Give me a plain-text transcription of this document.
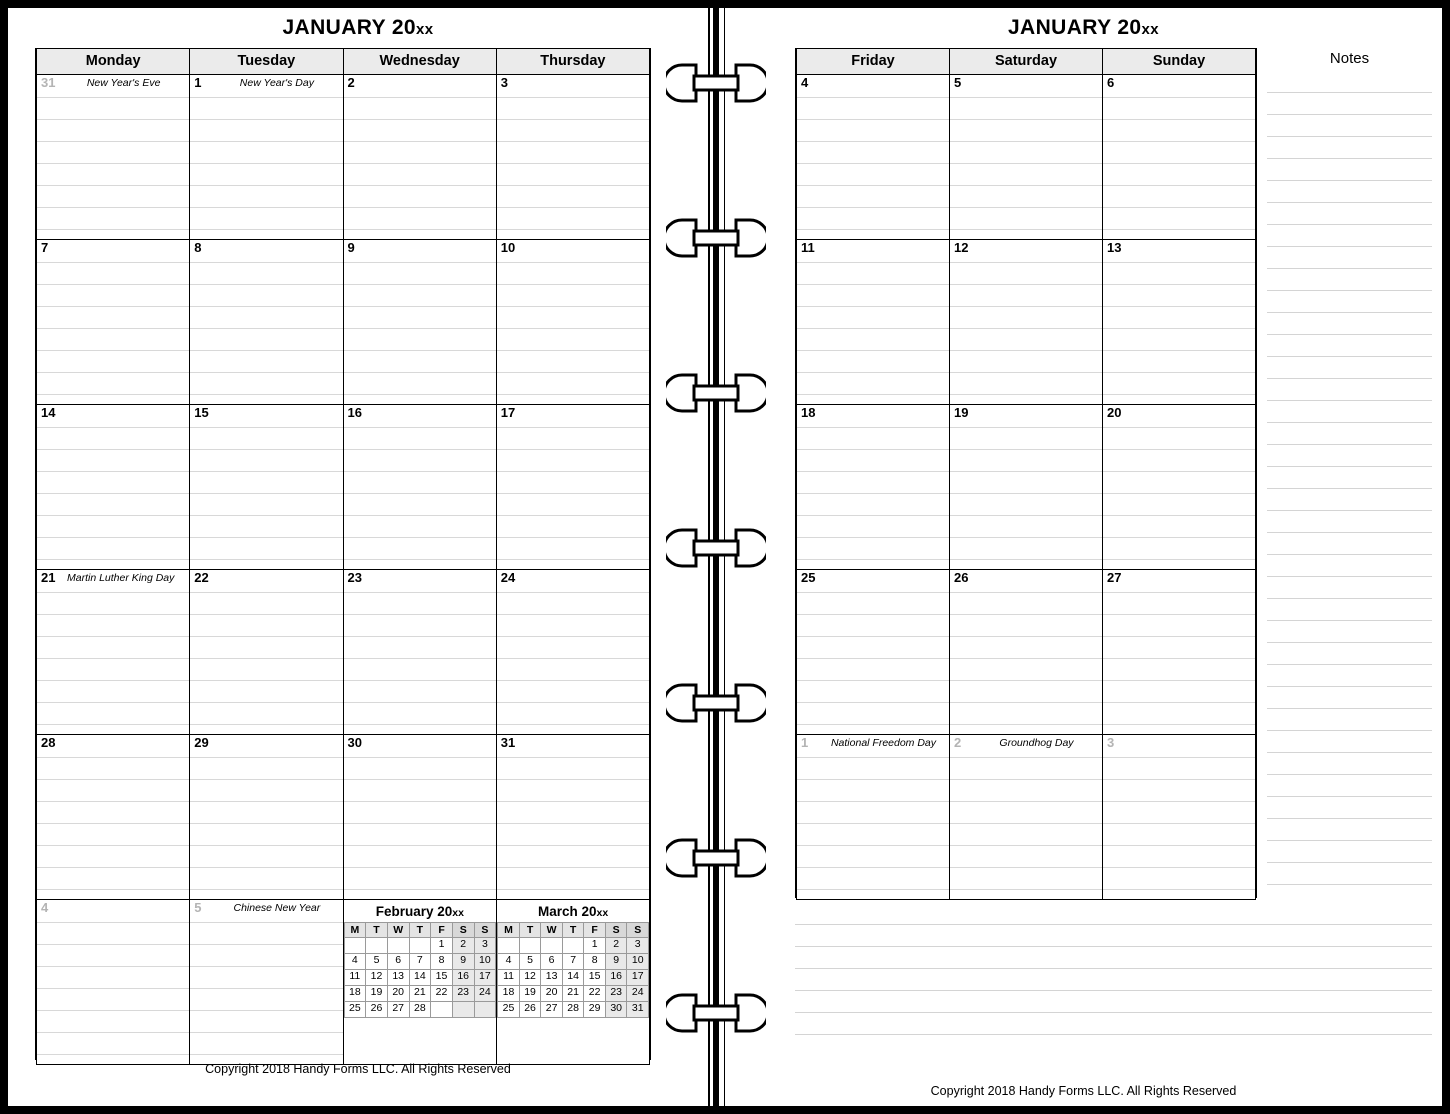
JANUARY 20xx
Monday	Tuesday	Wednesday	Thursday

31	New Year's Eve	1	New Year's Day	2	3

7	8	9	10

14	15	16	17

21 Martin Luther King Day	22	23	24

28	29	30	31

4	5	Chinese New Year	February 20xx
M	T	W	T	F	S	S
				1	2	3
4	5	6	7	8	9	10
11	12	13	14	15	16	17
18	19	20	21	22	23	24
25	26	27	28			
March 20xx
M	T	W	T	F	S	S
				1	2	3
4	5	6	7	8	9	10
11	12	13	14	15	16	17
18	19	20	21	22	23	24
25	26	27	28	29	30	31
Copyright 2018 Handy Forms LLC. All Rights Reserved
JANUARY 20xx
Friday	Saturday	Sunday

4	5	6

11	12	13

18	19	20

25	26	27

1 National Freedom Day	2 Groundhog Day	3
Notes
Copyright 2018 Handy Forms LLC. All Rights Reserved
